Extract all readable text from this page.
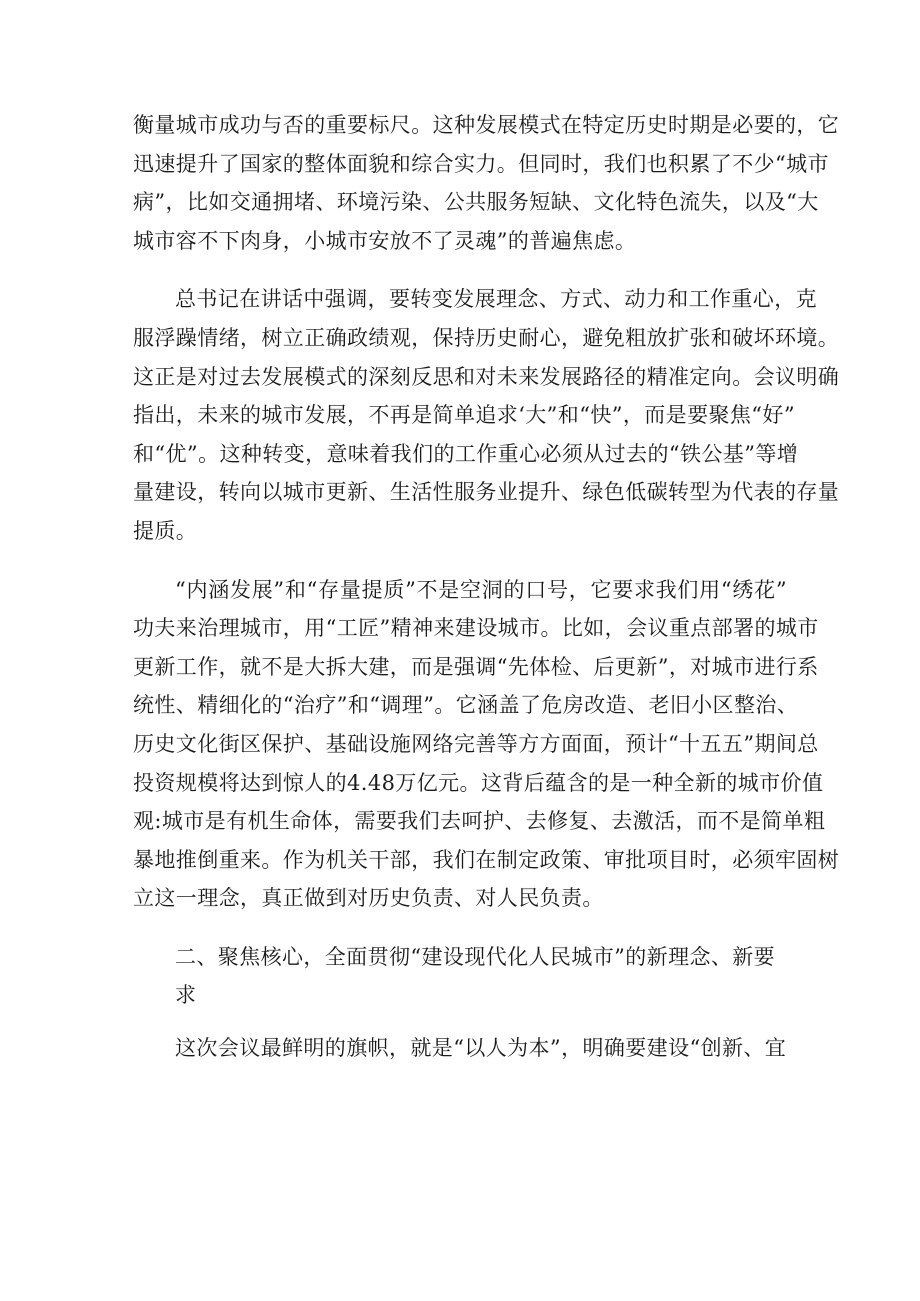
衡量城市成功与否的重要标尺。这种发展模式在特定历史时期是必要的，它
迅速提升了国家的整体面貌和综合实力。但同时，我们也积累了不少“城市
病”，比如交通拥堵、环境污染、公共服务短缺、文化特色流失，以及“大
城市容不下肉身，小城市安放不了灵魂”的普遍焦虑。
总书记在讲话中强调，要转变发展理念、方式、动力和工作重心，克
服浮躁情绪，树立正确政绩观，保持历史耐心，避免粗放扩张和破坏环境。
这正是对过去发展模式的深刻反思和对未来发展路径的精准定向。会议明确
指出，未来的城市发展，不再是简单追求‘大”和“快”，而是要聚焦“好”
和“优”。这种转变，意味着我们的工作重心必须从过去的“铁公基”等增
量建设，转向以城市更新、生活性服务业提升、绿色低碳转型为代表的存量
提质。
“内涵发展”和“存量提质”不是空洞的口号，它要求我们用“绣花”
功夫来治理城市，用“工匠”精神来建设城市。比如，会议重点部署的城市
更新工作，就不是大拆大建，而是强调“先体检、后更新”，对城市进行系
统性、精细化的“治疗”和“调理”。它涵盖了危房改造、老旧小区整治、
历史文化街区保护、基础设施网络完善等方方面面，预计“十五五”期间总
投资规模将达到惊人的4.48万亿元。这背后蕴含的是一种全新的城市价值
观:城市是有机生命体，需要我们去呵护、去修复、去激活，而不是简单粗
暴地推倒重来。作为机关干部，我们在制定政策、审批项目时，必须牢固树
立这一理念，真正做到对历史负责、对人民负责。

二、聚焦核心，全面贯彻“建设现代化人民城市”的新理念、新要求

这次会议最鲜明的旗帜，就是“以人为本”，明确要建设“创新、宜
